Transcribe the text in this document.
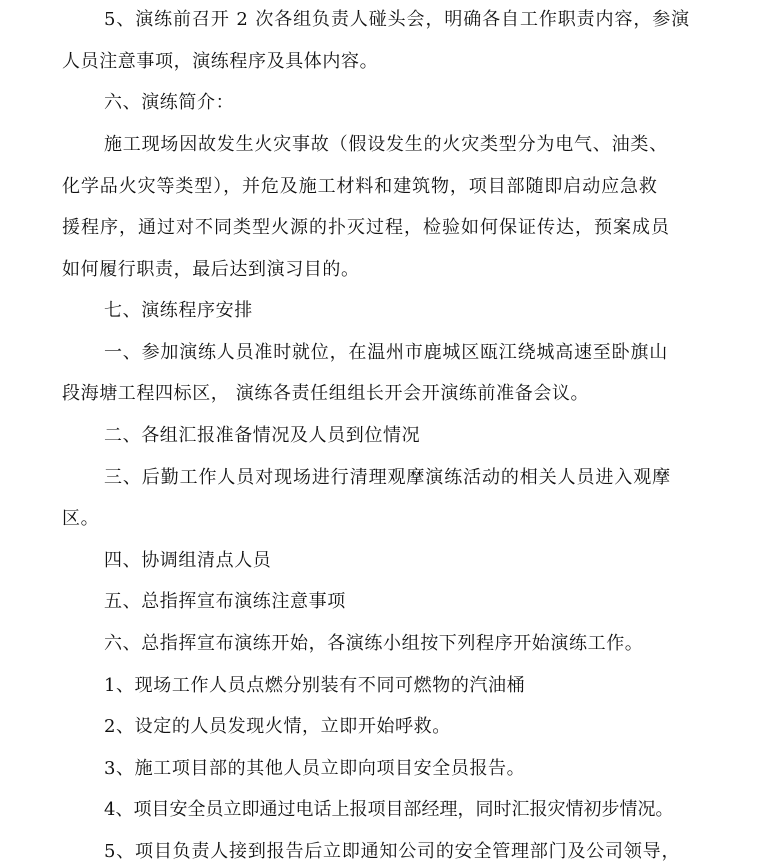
5、演练前召开 2 次各组负责人碰头会，明确各自工作职责内容，参演
人员注意事项，演练程序及具体内容。
六、演练简介：
施工现场因故发生火灾事故（假设发生的火灾类型分为电气、油类、
化学品火灾等类型），并危及施工材料和建筑物，项目部随即启动应急救
援程序，通过对不同类型火源的扑灭过程，检验如何保证传达，预案成员
如何履行职责，最后达到演习目的。
七、演练程序安排
一、参加演练人员准时就位，在温州市鹿城区瓯江绕城高速至卧旗山
段海塘工程四标区， 演练各责任组组长开会开演练前准备会议。
二、各组汇报准备情况及人员到位情况
三、后勤工作人员对现场进行清理观摩演练活动的相关人员进入观摩
区。
四、协调组清点人员
五、总指挥宣布演练注意事项
六、总指挥宣布演练开始，各演练小组按下列程序开始演练工作。
1、现场工作人员点燃分别装有不同可燃物的汽油桶
2、设定的人员发现火情，立即开始呼救。
3、施工项目部的其他人员立即向项目安全员报告。
4、项目安全员立即通过电话上报项目部经理，同时汇报灾情初步情况。
5、项目负责人接到报告后立即通知公司的安全管理部门及公司领导，
